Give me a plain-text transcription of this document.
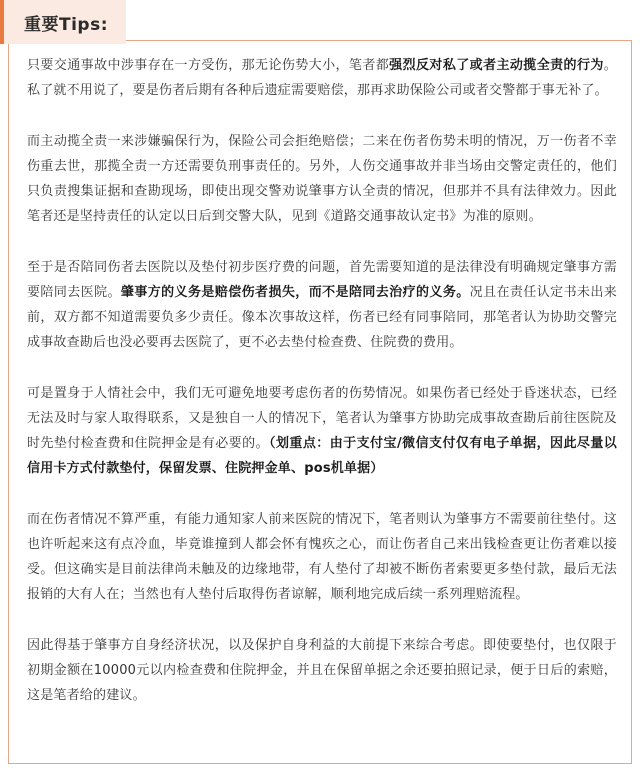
只要交通事故中涉事存在一方受伤，那无论伤势大小，笔者都强烈反对私了或者主动揽全责的行为。私了就不用说了，要是伤者后期有各种后遗症需要赔偿，那再求助保险公司或者交警都于事无补了。

而主动揽全责一来涉嫌骗保行为，保险公司会拒绝赔偿；二来在伤者伤势未明的情况，万一伤者不幸伤重去世，那揽全责一方还需要负刑事责任的。另外，人伤交通事故并非当场由交警定责任的，他们只负责搜集证据和查勘现场，即使出现交警劝说肇事方认全责的情况，但那并不具有法律效力。因此笔者还是坚持责任的认定以日后到交警大队，见到《道路交通事故认定书》为准的原则。

至于是否陪同伤者去医院以及垫付初步医疗费的问题，首先需要知道的是法律没有明确规定肇事方需要陪同去医院。肇事方的义务是赔偿伤者损失，而不是陪同去治疗的义务。况且在责任认定书未出来前，双方都不知道需要负多少责任。像本次事故这样，伤者已经有同事陪同，那笔者认为协助交警完成事故查勘后也没必要再去医院了，更不必去垫付检查费、住院费的费用。

可是置身于人情社会中，我们无可避免地要考虑伤者的伤势情况。如果伤者已经处于昏迷状态，已经无法及时与家人取得联系，又是独自一人的情况下，笔者认为肇事方协助完成事故查勘后前往医院及时先垫付检查费和住院押金是有必要的。（划重点：由于支付宝/微信支付仅有电子单据，因此尽量以信用卡方式付款垫付，保留发票、住院押金单、pos机单据）

而在伤者情况不算严重，有能力通知家人前来医院的情况下，笔者则认为肇事方不需要前往垫付。这也许听起来这有点冷血，毕竟谁撞到人都会怀有愧疚之心，而让伤者自己来出钱检查更让伤者难以接受。但这确实是目前法律尚未触及的边缘地带，有人垫付了却被不断伤者索要更多垫付款，最后无法报销的大有人在；当然也有人垫付后取得伤者谅解，顺利地完成后续一系列理赔流程。

因此得基于肇事方自身经济状况，以及保护自身利益的大前提下来综合考虑。即使要垫付，也仅限于初期金额在10000元以内检查费和住院押金，并且在保留单据之余还要拍照记录，便于日后的索赔，这是笔者给的建议。

重要Tips:
